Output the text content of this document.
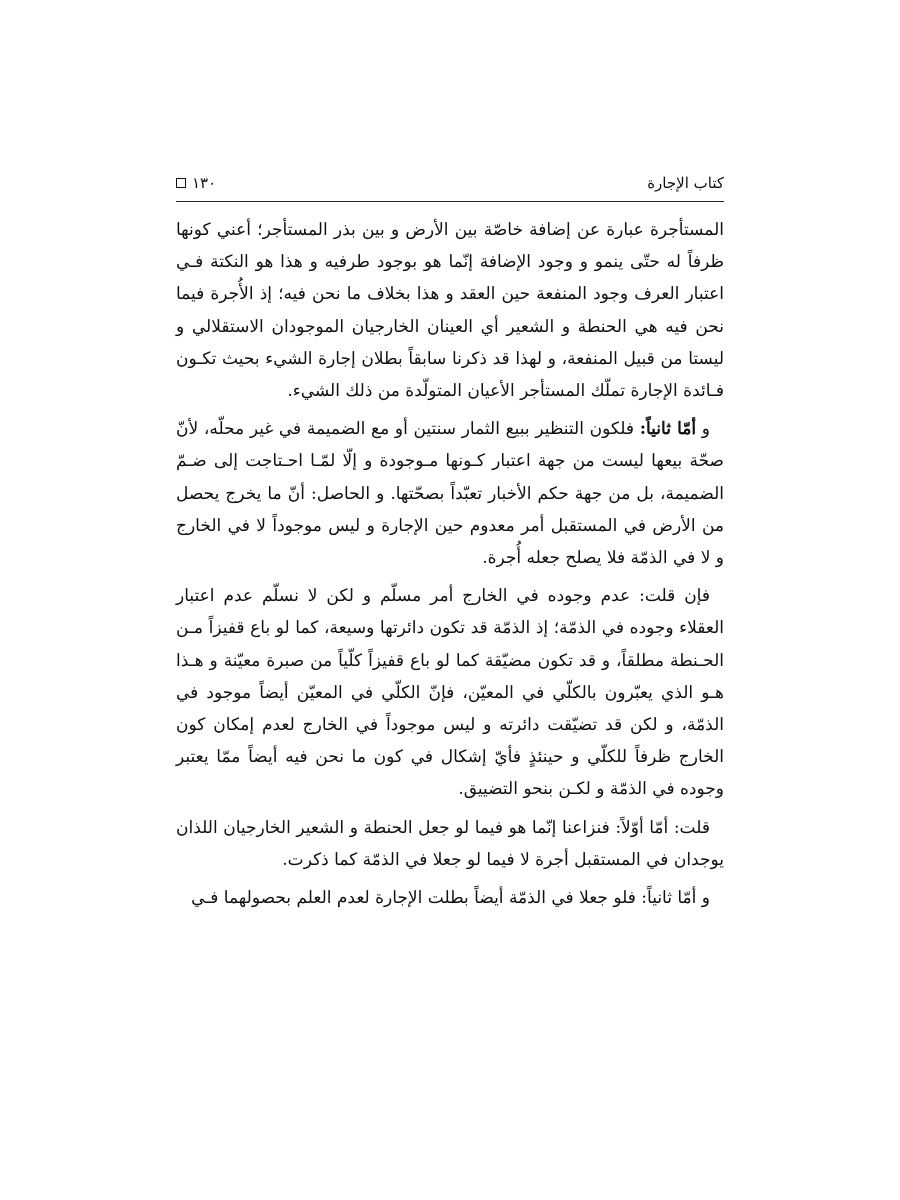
كتاب الإجارة
١٣٠

المستأجرة عبارة عن إضافة خاصّة بين الأرض و بين بذر المستأجر؛ أعني كونها ظرفاً له حتّى ينمو و وجود الإضافة إنّما هو بوجود طرفيه و هذا هو النكتة فـي اعتبار العرف وجود المنفعة حين العقد و هذا بخلاف ما نحن فيه؛ إذ الأُجرة فيما نحن فيه هي الحنطة و الشعير أي العينان الخارجيان الموجودان الاستقلالي و ليستا من قبيل المنفعة، و لهذا قد ذكرنا سابقاً بطلان إجارة الشيء بحيث تكـون فـائدة الإجارة تملّك المستأجر الأعيان المتولّدة من ذلك الشيء.

و أمّا ثانياً: فلكون التنظير ببيع الثمار سنتين أو مع الضميمة في غير محلّه، لأنّ صحّة بيعها ليست من جهة اعتبار كـونها مـوجودة و إلّا لمّـا احـتاجت إلى ضـمّ الضميمة، بل من جهة حكم الأخبار تعبّداً بصحّتها. و الحاصل: أنّ ما يخرج يحصل من الأرض في المستقبل أمر معدوم حين الإجارة و ليس موجوداً لا في الخارج و لا في الذمّة فلا يصلح جعله أُجرة.

فإن قلت: عدم وجوده في الخارج أمر مسلّم و لكن لا نسلّم عدم اعتبار العقلاء وجوده في الذمّة؛ إذ الذمّة قد تكون دائرتها وسيعة، كما لو باع قفيزاً مـن الحـنطة مطلقاً، و قد تكون مضيّقة كما لو باع قفيزاً كلّياً من صبرة معيّنة و هـذا هـو الذي يعبّرون بالكلّي في المعيّن، فإنّ الكلّي في المعيّن أيضاً موجود في الذمّة، و لكن قد تضيّقت دائرته و ليس موجوداً في الخارج لعدم إمكان كون الخارج ظرفاً للكلّي و حينئذٍ فأيّ إشكال في كون ما نحن فيه أيضاً ممّا يعتبر وجوده في الذمّة و لكـن بنحو التضييق.

قلت: أمّا أوّلاً: فنزاعنا إنّما هو فيما لو جعل الحنطة و الشعير الخارجيان اللذان يوجدان في المستقبل أجرة لا فيما لو جعلا في الذمّة كما ذكرت.

و أمّا ثانياً: فلو جعلا في الذمّة أيضاً بطلت الإجارة لعدم العلم بحصولهما فـي
